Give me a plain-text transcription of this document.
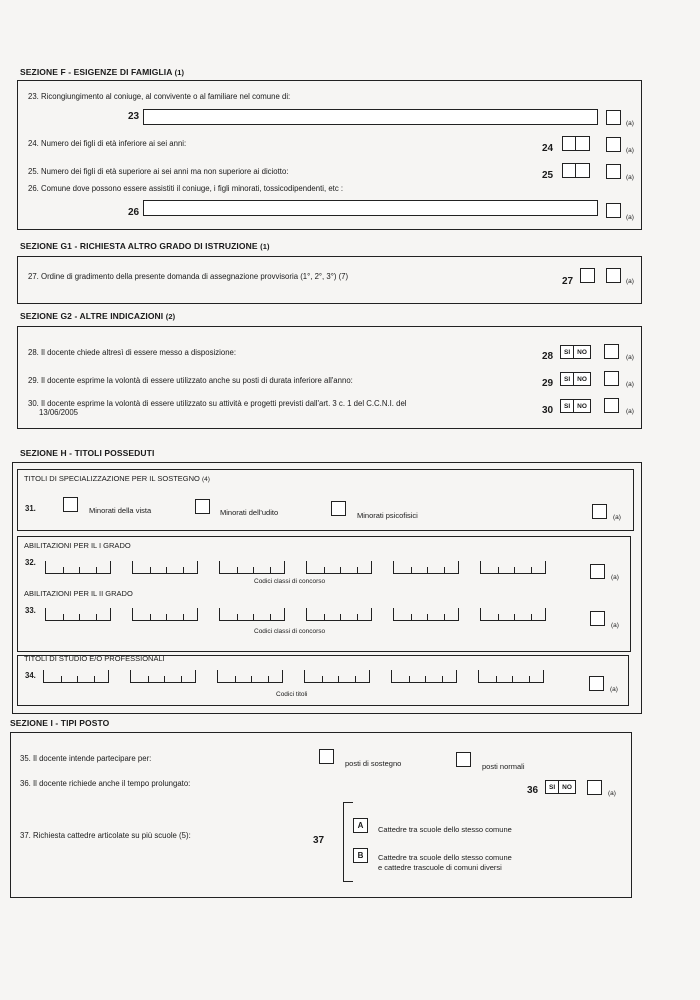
SEZIONE F - ESIGENZE DI FAMIGLIA (1)
23. Ricongiungimento al coniuge, al convivente o al familiare nel comune di:
23
(a)
24. Numero dei figli di età inferiore ai sei anni:	24	(a)
25. Numero dei figli di età superiore ai sei anni ma non superiore ai diciotto:	25	(a)
26. Comune dove possono essere assistiti il coniuge, i figli minorati, tossicodipendenti, etc :
26	(a)
SEZIONE G1 - RICHIESTA ALTRO GRADO DI ISTRUZIONE (1)
27. Ordine di gradimento della presente domanda di assegnazione provvisoria (1°, 2°, 3°) (7)	27	(a)
SEZIONE G2 - ALTRE INDICAZIONI (2)
28. Il docente chiede altresì di essere messo a disposizione:	28	SI	NO
(a)
29. Il docente esprime la volontà di essere utilizzato anche su posti di durata inferiore all'anno:	29	SI	NO
(a)
30. Il docente esprime la volontà di essere utilizzato su attività e progetti previsti dall'art. 3 c. 1 del C.C.N.I. del
13/06/2005	30	SI	NO
(a)
SEZIONE H - TITOLI POSSEDUTI
TITOLI DI SPECIALIZZAZIONE PER IL SOSTEGNO (4)
31.	Minorati della vista	Minorati dell'udito	Minorati psicofisici	(a)
ABILITAZIONI PER IL I GRADO
32.
Codici classi di concorso
(a)
ABILITAZIONI PER IL II GRADO
33.
Codici classi di concorso
(a)
TITOLI DI STUDIO E/O PROFESSIONALI
34.
Codici titoli
(a)
SEZIONE I - TIPI POSTO
35. Il docente intende partecipare per:
posti di sostegno	posti normali
36. Il docente richiede anche il tempo prolungato:
36	SI	NO
(a)
37. Richiesta cattedre articolate su più scuole (5):	37
A	Cattedre tra scuole dello stesso comune
B	Cattedre tra scuole dello stesso comune
e cattedre trascuole di comuni diversi
